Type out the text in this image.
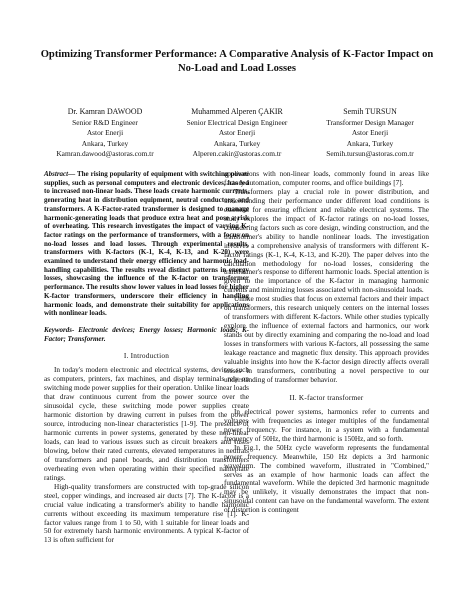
Optimizing Transformer Performance: A Comparative Analysis of K-Factor Impact on No-Load and Load Losses
Dr. Kamran DAWOOD
Senior R&D Engineer
Astor Enerji
Ankara, Turkey
Kamran.dawood@astoras.com.tr
Muhammed Alperen ÇAKIR
Senior Electrical Design Engineer
Astor Enerji
Ankara, Turkey
Alperen.cakir@astoras.com.tr
Semih TURSUN
Transformer Design Manager
Astor Enerji
Ankara, Turkey
Semih.tursun@astoras.com.tr
Abstract— The rising popularity of equipment with switching power supplies, such as personal computers and electronic devices, has led to increased non-linear loads. These loads create harmonic currents, generating heat in distribution equipment, neutral conductors, and transformers. A K-Factor-rated transformer is designed to manage harmonic-generating loads that produce extra heat and pose a risk of overheating. This research investigates the impact of varying K-factor ratings on the performance of transformers, with a focus on no-load losses and load losses. Through experimental results, transformers with K-factors (K-1, K-4, K-13, and K-20) were examined to understand their energy efficiency and harmonic load-handling capabilities. The results reveal distinct patterns in energy losses, showcasing the influence of the K-factor on transformer performance. The results show lower values in load losses for higher K-factor transformers, underscore their efficiency in handling harmonic loads, and demonstrate their suitability for applications with nonlinear loads.
Keywords- Electronic devices; Energy losses; Harmonic loads; K-Factor; Transformer.
I. Introduction

In today's modern electronic and electrical systems, devices such as computers, printers, fax machines, and display terminals rely on switching mode power supplies for their operation. Unlike linear loads that draw continuous current from the power source over the sinusoidal cycle, these switching mode power supplies create harmonic distortion by drawing current in pulses from the power source, introducing non-linear characteristics [1-9]. The presence of harmonic currents in power systems, generated by these non-linear loads, can lead to various issues such as circuit breakers and fuses blowing, below their rated currents, elevated temperatures in neutrals of transformers and panel boards, and distribution transformers overheating even when operating within their specified nameplate ratings.

High-quality transformers are constructed with top-grade silicon steel, copper windings, and increased air ducts [7]. The K-factor is a crucial value indicating a transformer's ability to handle harmonic currents without exceeding its maximum temperature rise [1]. K-factor values range from 1 to 50, with 1 suitable for linear loads and 50 for extremely harsh harmonic environments. A typical K-factor of 13 is often sufficient for

applications with non-linear loads, commonly found in areas like factory automation, computer rooms, and office buildings [7].

Transformers play a crucial role in power distribution, and understanding their performance under different load conditions is essential for ensuring efficient and reliable electrical systems. The study explores the impact of K-factor ratings on no-load losses, considering factors such as core design, winding construction, and the transformer's ability to handle nonlinear loads. The investigation involves a comprehensive analysis of transformers with different K-factor ratings (K-1, K-4, K-13, and K-20). The paper delves into the calculation methodology for no-load losses, considering the transformer's response to different harmonic loads. Special attention is given to the importance of the K-factor in managing harmonic currents and minimizing losses associated with non-sinusoidal loads.

Unlike most studies that focus on external factors and their impact on transformers, this research uniquely centers on the internal losses of transformers with different K-factors. While other studies typically explore the influence of external factors and harmonics, our work stands out by directly examining and comparing the no-load and load losses in transformers with various K-factors, all possessing the same leakage reactance and magnetic flux density. This approach provides valuable insights into how the K-factor design directly affects overall losses in transformers, contributing a novel perspective to our understanding of transformer behavior.

II. K-factor transformer

In electrical power systems, harmonics refer to currents and voltages with frequencies as integer multiples of the fundamental power frequency. For instance, in a system with a fundamental frequency of 50Hz, the third harmonic is 150Hz, and so forth.

In Fig.1, the 50Hz cycle waveform represents the fundamental power frequency. Meanwhile, 150 Hz depicts a 3rd harmonic waveform. The combined waveform, illustrated in "Combined," serves as an example of how harmonic loads can affect the fundamental waveform. While the depicted 3rd harmonic magnitude may be unlikely, it visually demonstrates the impact that non-sinusoidal content can have on the fundamental waveform. The extent of distortion is contingent
